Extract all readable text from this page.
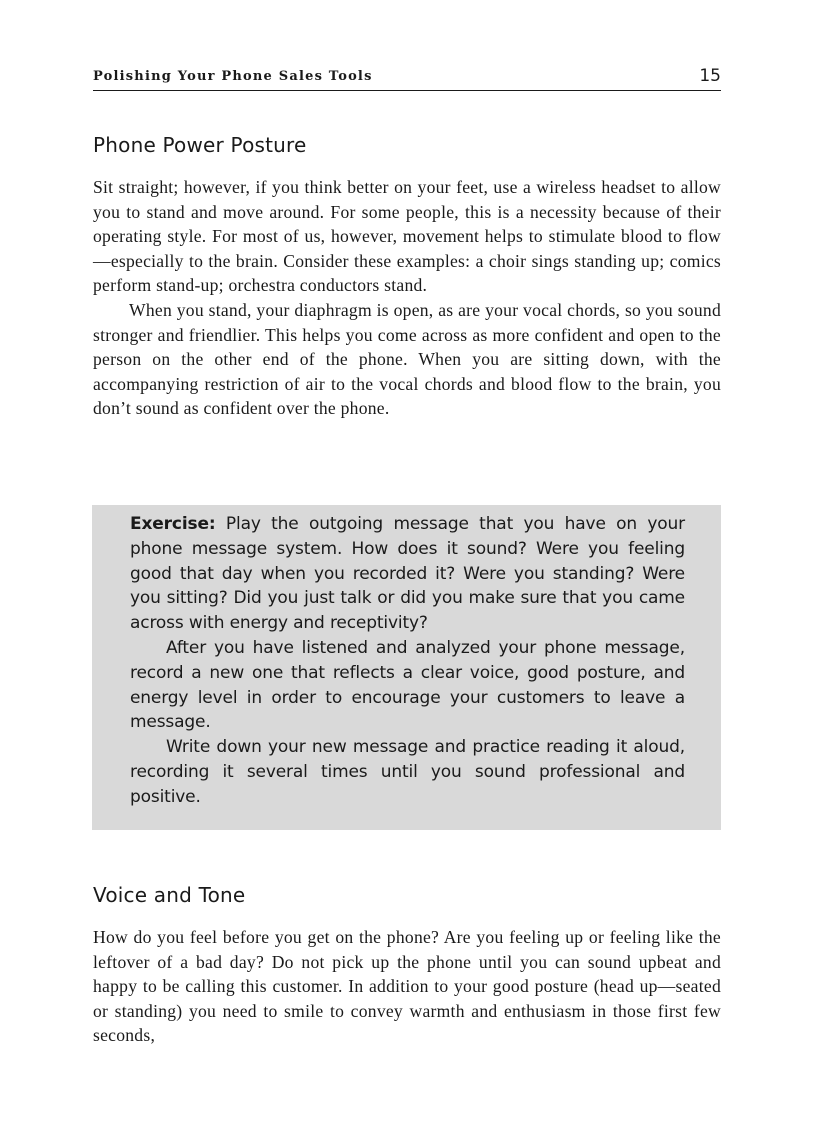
Polishing Your Phone Sales Tools	15
Phone Power Posture

Sit straight; however, if you think better on your feet, use a wireless headset to allow you to stand and move around. For some people, this is a necessity because of their operating style. For most of us, however, movement helps to stimulate blood to flow—especially to the brain. Consider these examples: a choir sings standing up; comics perform stand-up; orchestra conductors stand.
When you stand, your diaphragm is open, as are your vocal chords, so you sound stronger and friendlier. This helps you come across as more confident and open to the person on the other end of the phone. When you are sitting down, with the accompanying restriction of air to the vocal chords and blood flow to the brain, you don’t sound as confident over the phone.

Exercise: Play the outgoing message that you have on your phone message system. How does it sound? Were you feeling good that day when you recorded it? Were you standing? Were you sitting? Did you just talk or did you make sure that you came across with energy and receptivity?
After you have listened and analyzed your phone message, record a new one that reflects a clear voice, good posture, and energy level in order to encourage your customers to leave a message.
Write down your new message and practice reading it aloud, recording it several times until you sound professional and positive.

Voice and Tone

How do you feel before you get on the phone? Are you feeling up or feeling like the leftover of a bad day? Do not pick up the phone until you can sound upbeat and happy to be calling this customer. In addition to your good posture (head up—seated or standing) you need to smile to convey warmth and enthusiasm in those first few seconds,
